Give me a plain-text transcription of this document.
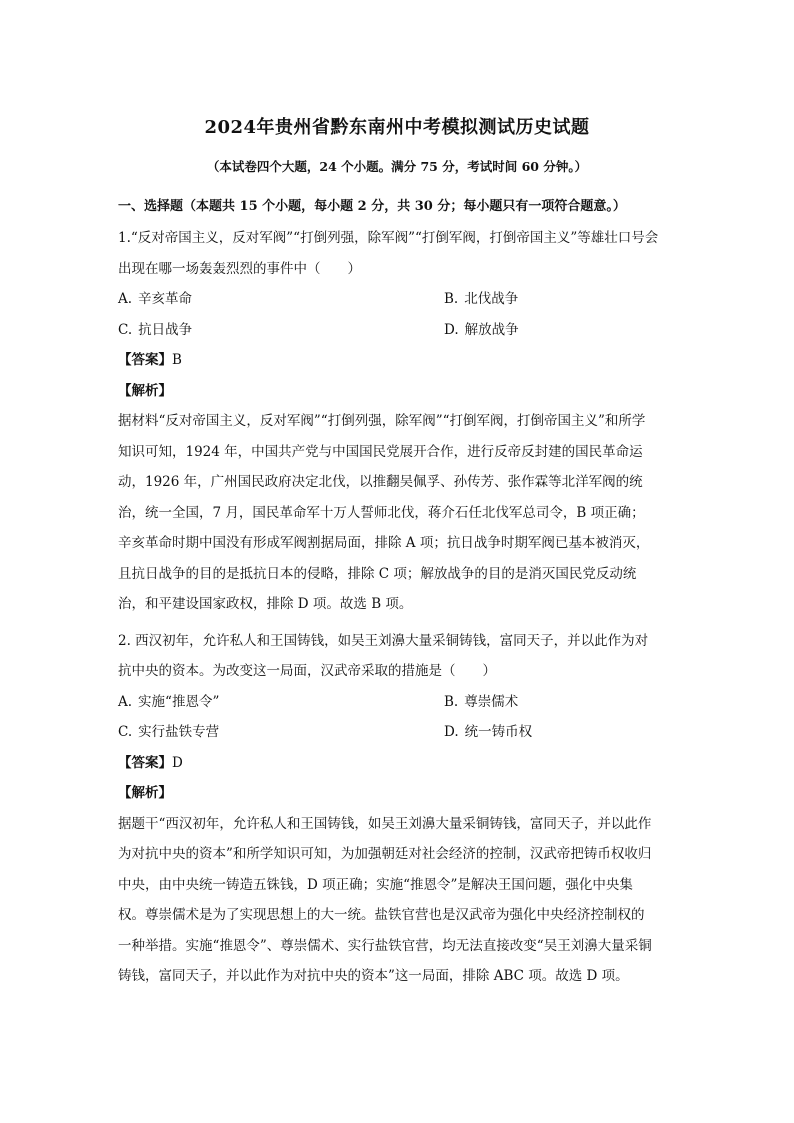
2024年贵州省黔东南州中考模拟测试历史试题
（本试卷四个大题，24 个小题。满分 75 分，考试时间 60 分钟。）
一、选择题（本题共 15 个小题，每小题 2 分，共 30 分；每小题只有一项符合题意。）

1.“反对帝国主义，反对军阀”“打倒列强，除军阀”“打倒军阀，打倒帝国主义”等雄壮口号会

出现在哪一场轰轰烈烈的事件中（　　）

A. 辛亥革命	B. 北伐战争
C. 抗日战争	D. 解放战争
【答案】B
【解析】

据材料“反对帝国主义，反对军阀”“打倒列强，除军阀”“打倒军阀，打倒帝国主义”和所学

知识可知，1924 年，中国共产党与中国国民党展开合作，进行反帝反封建的国民革命运

动，1926 年，广州国民政府决定北伐，以推翻吴佩孚、孙传芳、张作霖等北洋军阀的统

治，统一全国，7 月，国民革命军十万人誓师北伐，蒋介石任北伐军总司令，B 项正确；

辛亥革命时期中国没有形成军阀割据局面，排除 A 项；抗日战争时期军阀已基本被消灭，

且抗日战争的目的是抵抗日本的侵略，排除 C 项；解放战争的目的是消灭国民党反动统

治，和平建设国家政权，排除 D 项。故选 B 项。

2. 西汉初年，允许私人和王国铸钱，如吴王刘濞大量采铜铸钱，富同天子，并以此作为对

抗中央的资本。为改变这一局面，汉武帝采取的措施是（　　）

A. 实施“推恩令”	B. 尊崇儒术
C. 实行盐铁专营	D. 统一铸币权
【答案】D
【解析】

据题干“西汉初年，允许私人和王国铸钱，如吴王刘濞大量采铜铸钱，富同天子，并以此作

为对抗中央的资本”和所学知识可知，为加强朝廷对社会经济的控制，汉武帝把铸币权收归

中央，由中央统一铸造五铢钱，D 项正确；实施“推恩令”是解决王国问题，强化中央集

权。尊崇儒术是为了实现思想上的大一统。盐铁官营也是汉武帝为强化中央经济控制权的

一种举措。实施“推恩令”、尊崇儒术、实行盐铁官营，均无法直接改变“吴王刘濞大量采铜

铸钱，富同天子，并以此作为对抗中央的资本”这一局面，排除 ABC 项。故选 D 项。
